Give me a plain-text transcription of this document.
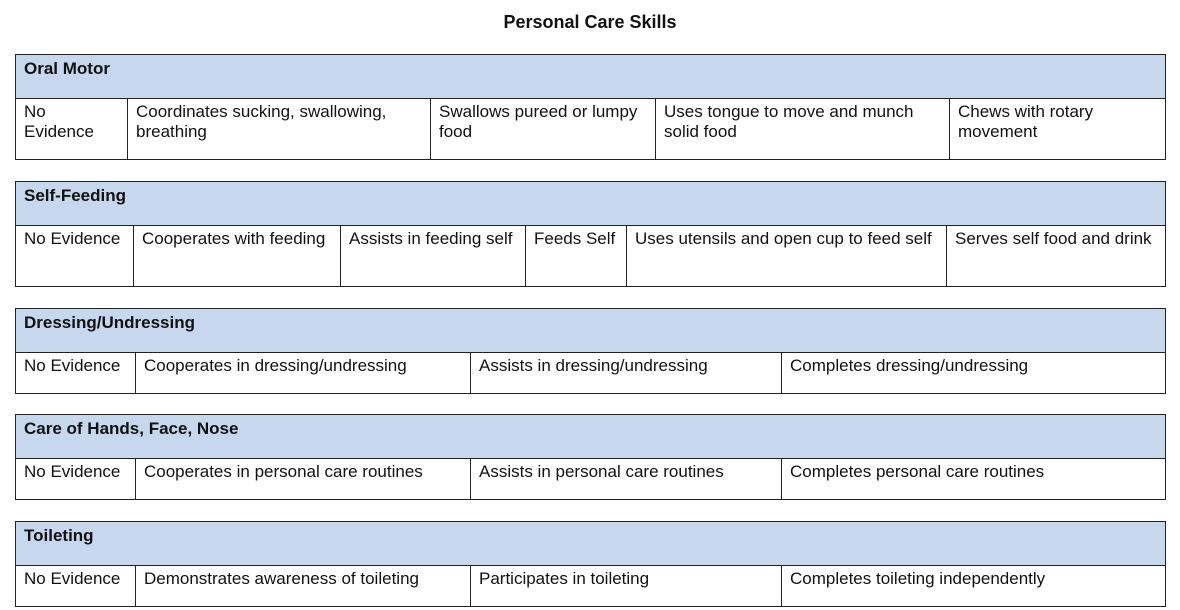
Personal Care Skills
Oral Motor
No Evidence	Coordinates sucking, swallowing, breathing	Swallows pureed or lumpy food	Uses tongue to move and munch solid food	Chews with rotary movement
Self-Feeding
No Evidence	Cooperates with feeding	Assists in feeding self	Feeds Self	Uses utensils and open cup to feed self	Serves self food and drink
Dressing/Undressing
No Evidence	Cooperates in dressing/undressing	Assists in dressing/undressing	Completes dressing/undressing
Care of Hands, Face, Nose
No Evidence	Cooperates in personal care routines	Assists in personal care routines	Completes personal care routines
Toileting
No Evidence	Demonstrates awareness of toileting	Participates in toileting	Completes toileting independently
